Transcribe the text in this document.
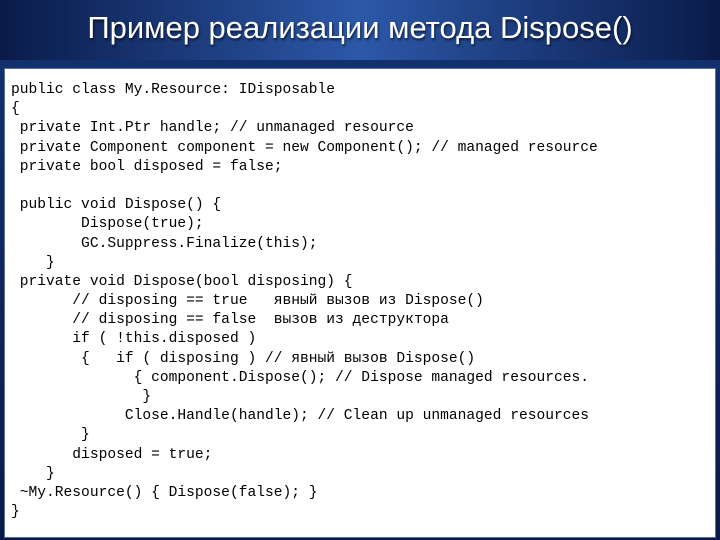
Пример реализации метода Dispose()
public class My.Resource: IDisposable
{
private Int.Ptr handle; // unmanaged resource
private Component component = new Component(); // managed resource
private bool disposed = false;
public void Dispose() {
Dispose(true);
GC.Suppress.Finalize(this);
}
private void Dispose(bool disposing) {
// disposing == true   явный вызов из Dispose()
// disposing == false  вызов из деструктора
if ( !this.disposed )
{   if ( disposing ) // явный вызов Dispose()
{ component.Dispose(); // Dispose managed resources.
}
Close.Handle(handle); // Clean up unmanaged resources
}
disposed = true;
}
~My.Resource() { Dispose(false); }
}
